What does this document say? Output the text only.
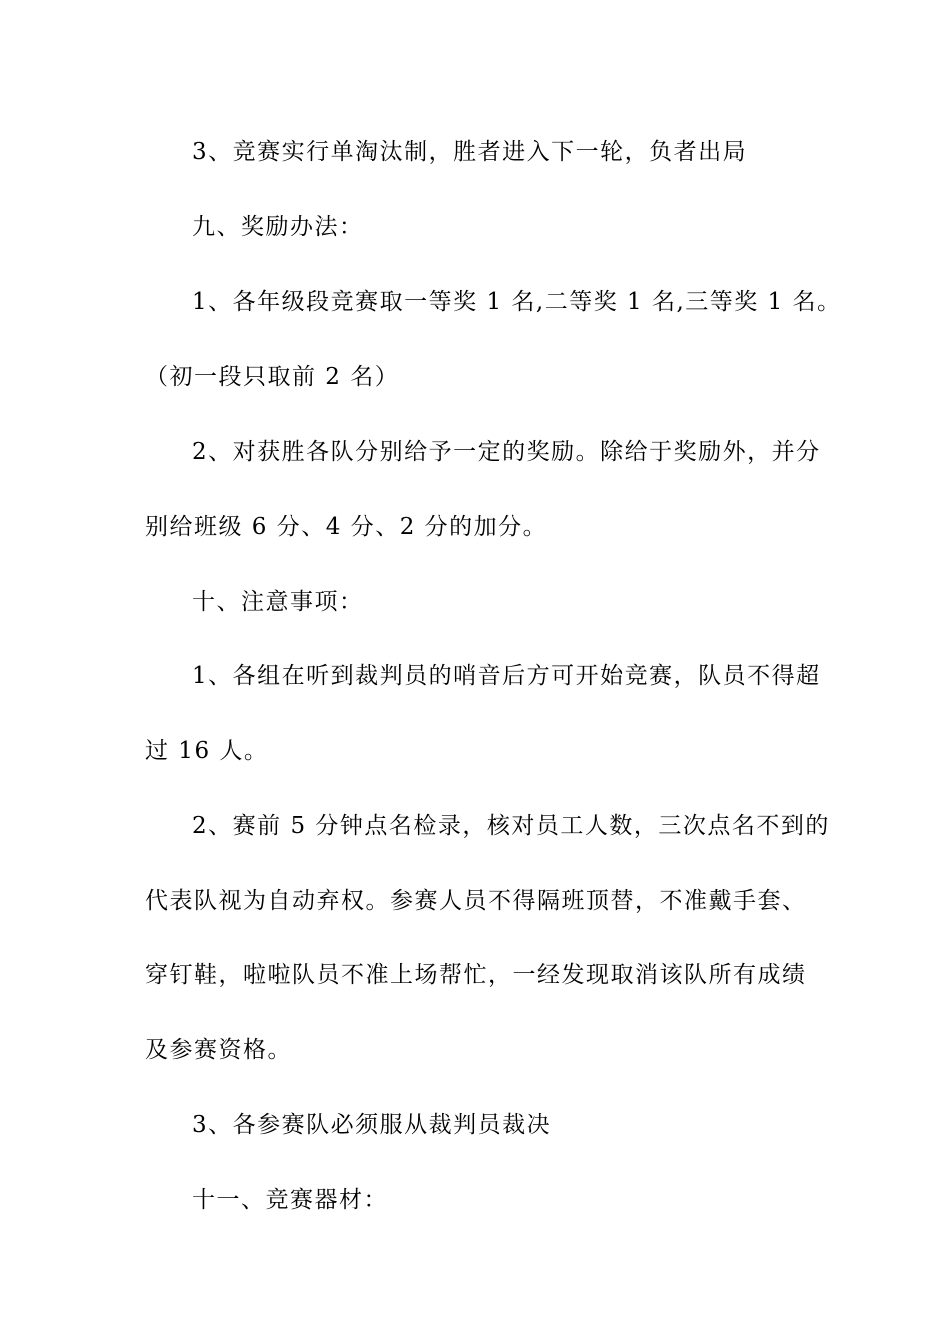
3、竞赛实行单淘汰制，胜者进入下一轮，负者出局
九、奖励办法：
1、各年级段竞赛取一等奖 1 名,二等奖 1 名,三等奖 1 名。
（初一段只取前 2 名）
2、对获胜各队分别给予一定的奖励。除给于奖励外，并分
别给班级 6 分、4 分、2 分的加分。
十、注意事项：
1、各组在听到裁判员的哨音后方可开始竞赛，队员不得超
过 16 人。
2、赛前 5 分钟点名检录，核对员工人数，三次点名不到的
代表队视为自动弃权。参赛人员不得隔班顶替，不准戴手套、
穿钉鞋，啦啦队员不准上场帮忙，一经发现取消该队所有成绩
及参赛资格。
3、各参赛队必须服从裁判员裁决
十一、竞赛器材：
